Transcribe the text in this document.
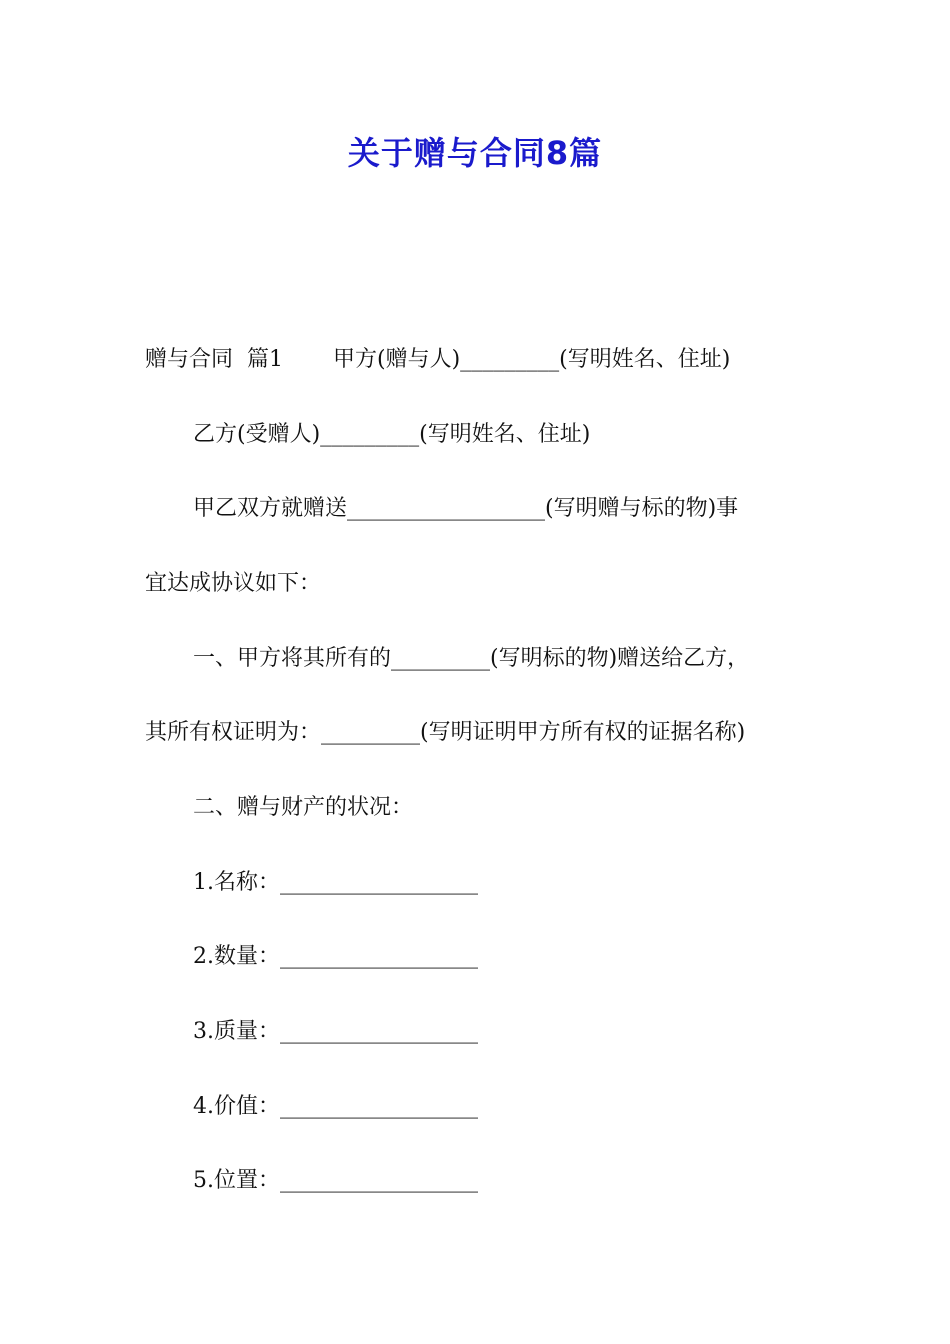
关于赠与合同8篇
赠与合同 篇1 甲方(赠与人)_________(写明姓名、住址)
乙方(受赠人)_________(写明姓名、住址)
甲乙双方就赠送__________________(写明赠与标的物)事
宜达成协议如下：
一、甲方将其所有的_________(写明标的物)赠送给乙方，
其所有权证明为：_________(写明证明甲方所有权的证据名称)
二、赠与财产的状况：
1.名称：__________________
2.数量：__________________
3.质量：__________________
4.价值：__________________
5.位置：__________________
